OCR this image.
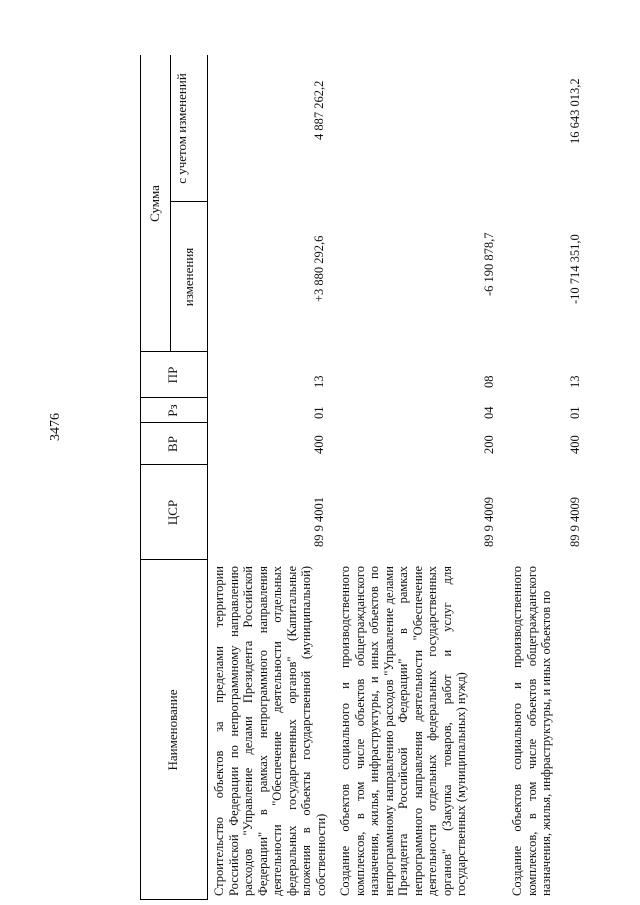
3476
Наименование
ЦСР
ВР
Рз
ПР
Сумма
изменения
с учетом изменений
Строительство объектов за пределами территории Российской Федерации по непрограммному направлению расходов "Управление делами Президента Российской Федерации" в рамках непрограммного направления деятельности "Обеспечение деятельности отдельных федеральных государственных органов" (Капитальные вложения в объекты государственной (муниципальной) собственности)
89 9 4001
400
01
13
+3 880 292,6
4 887 262,2
Создание объектов социального и производственного комплексов, в том числе объектов общегражданского назначения, жилья, инфраструктуры, и иных объектов по непрограммному направлению расходов "Управление делами Президента Российской Федерации" в рамках непрограммного направления деятельности "Обеспечение деятельности отдельных федеральных государственных органов" (Закупка товаров, работ и услуг для государственных (муниципальных) нужд)
89 9 4009
200
04
08
-6 190 878,7
Создание объектов социального и производственного комплексов, в том числе объектов общегражданского назначения, жилья, инфраструктуры, и иных объектов по
89 9 4009
400
01
13
-10 714 351,0
16 643 013,2
